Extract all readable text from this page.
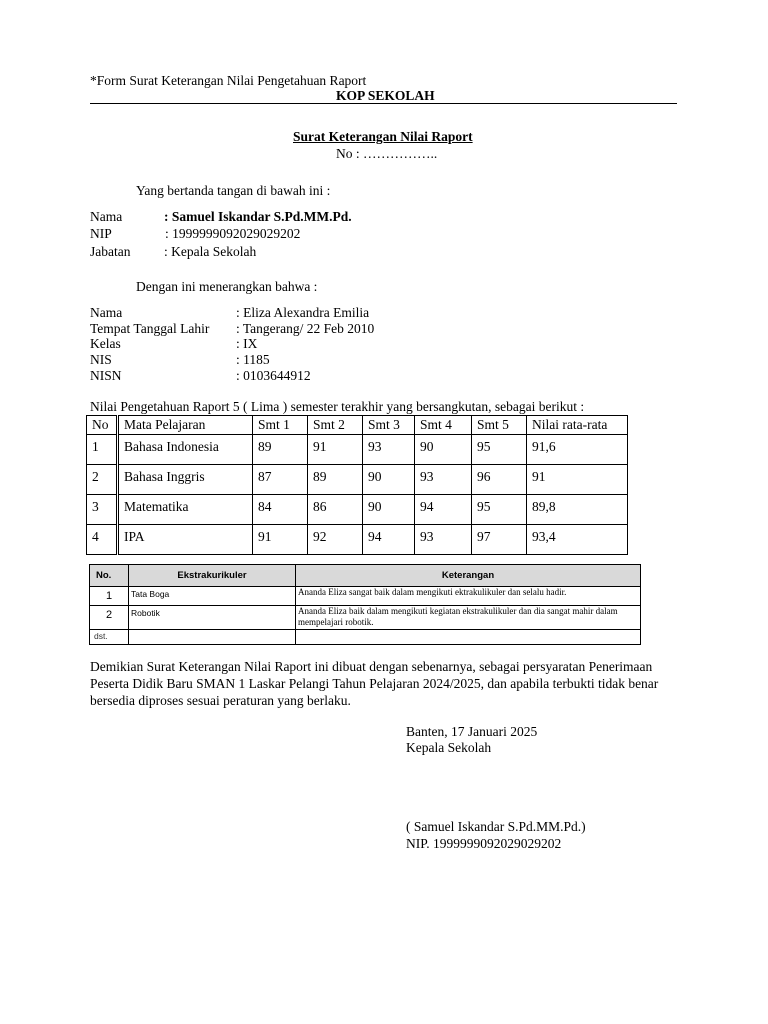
*Form Surat Keterangan Nilai Pengetahuan Raport
KOP SEKOLAH
Surat Keterangan Nilai Raport
No : ……………..
Yang bertanda tangan di bawah ini :
Nama	: Samuel Iskandar S.Pd.MM.Pd.
NIP	: 1999999092029029202
Jabatan : Kepala Sekolah
Dengan ini menerangkan bahwa :
Nama	: Eliza Alexandra Emilia
Tempat Tanggal Lahir : Tangerang/ 22 Feb 2010
Kelas	: IX
NIS	: 1185
NISN	: 0103644912
Nilai Pengetahuan Raport 5 ( Lima ) semester terakhir yang bersangkutan, sebagai berikut :
No	Mata Pelajaran	Smt 1	Smt 2	Smt 3	Smt 4	Smt 5	Nilai rata-rata
1	Bahasa Indonesia	89	91	93	90	95	91,6
2	Bahasa Inggris	87	89	90	93	96	91
3	Matematika	84	86	90	94	95	89,8
4	IPA	91	92	94	93	97	93,4
No.	Ekstrakurikuler	Keterangan
1	Tata Boga	Ananda Eliza sangat baik dalam mengikuti ektrakulikuler dan selalu hadir.
2	Robotik	Ananda Eliza baik dalam mengikuti kegiatan ekstrakulikuler dan dia sangat mahir dalam mempelajari robotik.
dst.		
Demikian Surat Keterangan Nilai Raport ini dibuat dengan sebenarnya, sebagai persyaratan Penerimaan Peserta Didik Baru SMAN 1 Laskar Pelangi Tahun Pelajaran 2024/2025, dan apabila terbukti tidak benar bersedia diproses sesuai peraturan yang berlaku.
Banten, 17 Januari 2025
Kepala Sekolah
( Samuel Iskandar S.Pd.MM.Pd.)
NIP. 1999999092029029202
